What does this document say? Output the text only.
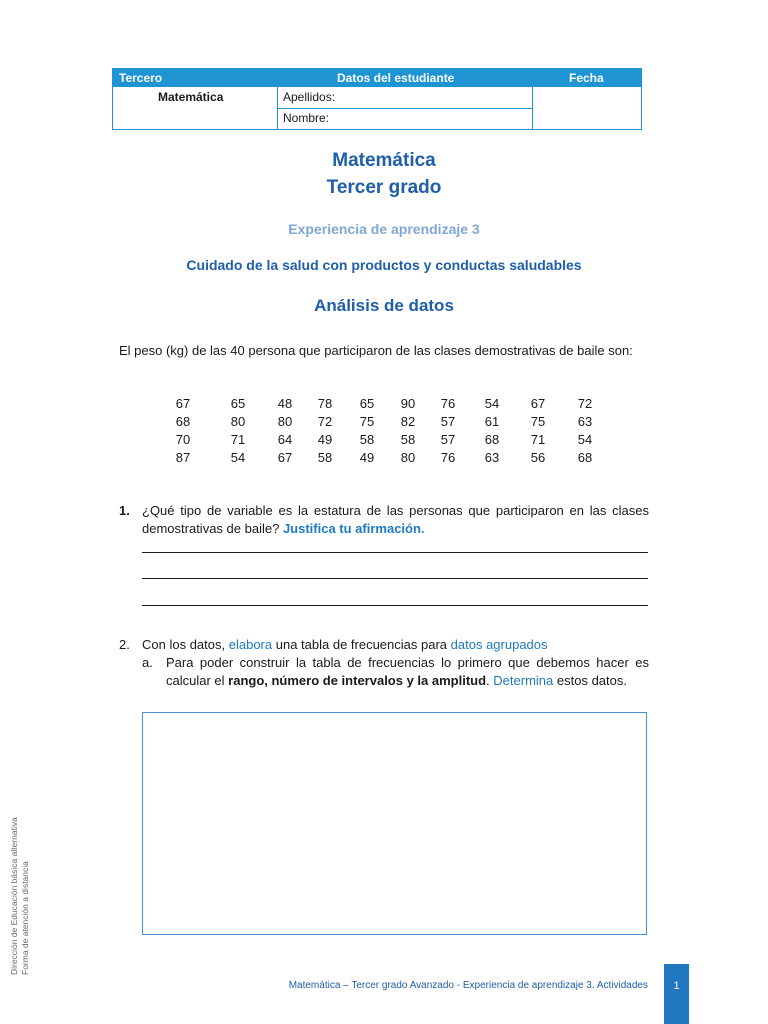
Tercero	Datos del estudiante	Fecha
Matemática	Apellidos:
Nombre:
Matemática
Tercer grado
Experiencia de aprendizaje 3
Cuidado de la salud con productos y conductas saludables
Análisis de datos
El peso (kg) de las 40 persona que participaron de las clases demostrativas de baile son:
67	65	48	78	65	90	76	54	67	72
68	80	80	72	75	82	57	61	75	63
70	71	64	49	58	58	57	68	71	54
87	54	67	58	49	80	76	63	56	68
1. ¿Qué tipo de variable es la estatura de las personas que participaron en las clases demostrativas de baile? Justifica tu afirmación.
2. Con los datos, elabora una tabla de frecuencias para datos agrupados
a. Para poder construir la tabla de frecuencias lo primero que debemos hacer es calcular el rango, número de intervalos y la amplitud. Determina estos datos.
Dirección de Educación básica alternativa Forma de atención a distancia
Matemática – Tercer grado Avanzado - Experiencia de aprendizaje 3. Actividades	1
